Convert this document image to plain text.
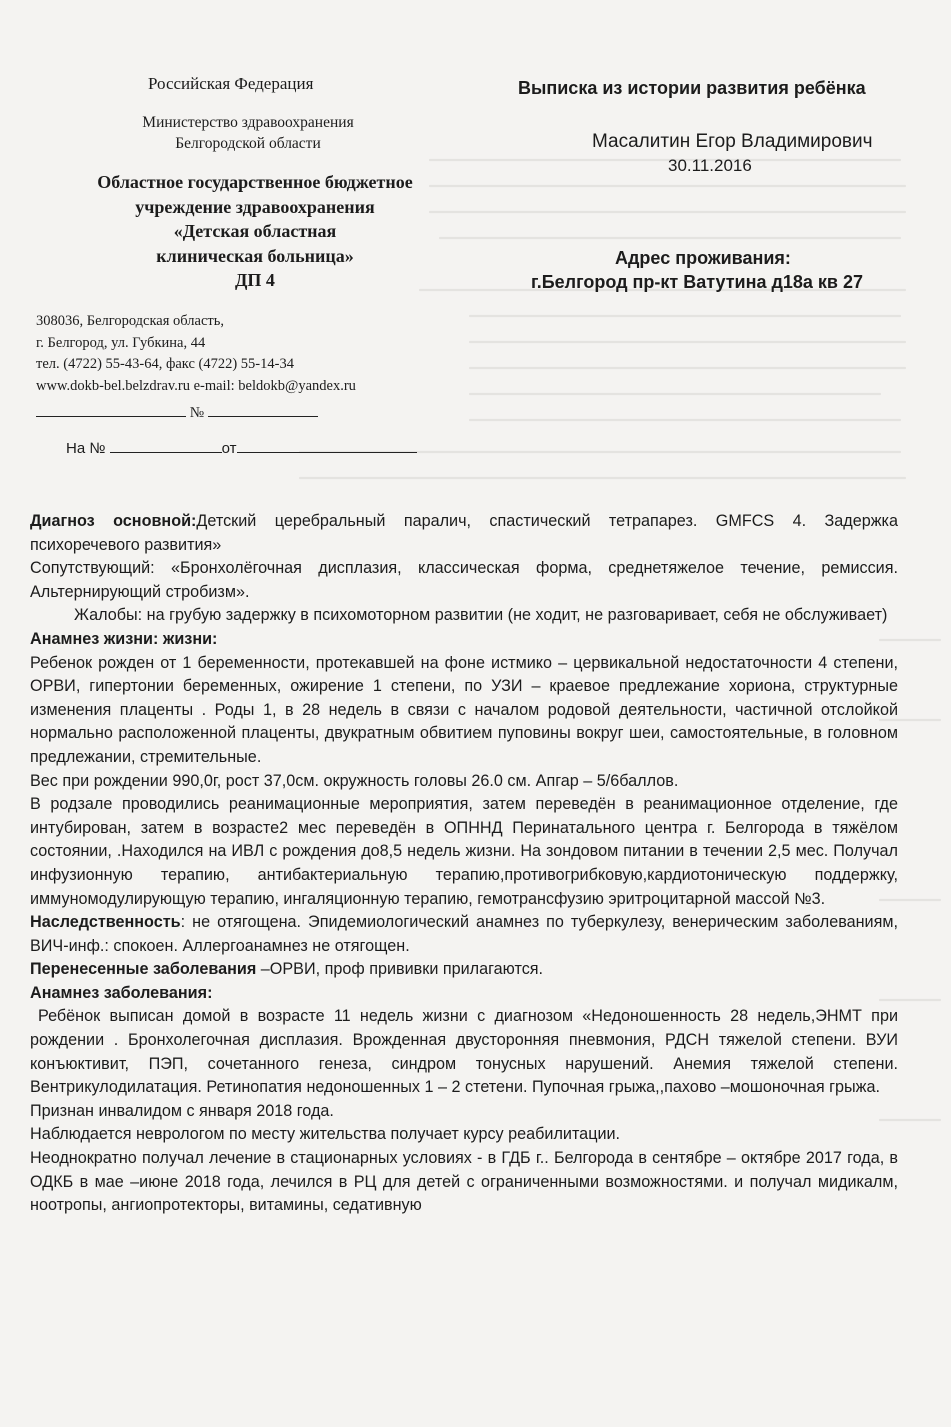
Российская Федерация
Министерство здравоохранения
Белгородской области
Областное государственное бюджетное
учреждение здравоохранения
«Детская областная
клиническая больница»
ДП 4
308036, Белгородская область,
г. Белгород, ул. Губкина, 44
тел. (4722) 55-43-64, факс (4722) 55-14-34
www.dokb-bel.belzdrav.ru e-mail: beldokb@yandex.ru
№
На №	от
Выписка из истории развития ребёнка
Масалитин Егор Владимирович
30.11.2016
Адрес проживания:
г.Белгород пр-кт Ватутина д18а кв 27

Диагноз основной:Детский церебральный паралич, спастический тетрапарез. GMFCS 4. Задержка психоречевого развития»

Сопутствующий: «Бронхолёгочная дисплазия, классическая форма, среднетяжелое течение, ремиссия. Альтернирующий стробизм».

Жалобы: на грубую задержку в психомоторном развитии (не ходит, не разговаривает, себя не обслуживает)

Анамнез жизни: жизни:

Ребенок рожден от 1 беременности, протекавшей на фоне истмико – цервикальной недостаточности 4 степени, ОРВИ, гипертонии беременных, ожирение 1 степени, по УЗИ – краевое предлежание хориона, структурные изменения плаценты . Роды 1, в 28 недель в связи с началом родовой деятельности, частичной отслойкой нормально расположенной плаценты, двукратным обвитием пуповины вокруг шеи, самостоятельные, в головном предлежании, стремительные.

Вес при рождении 990,0г, рост 37,0см. окружность головы 26.0 см. Апгар – 5/6баллов.

В родзале проводились реанимационные мероприятия, затем переведён в реанимационное отделение, где интубирован, затем в возрасте2 мес переведён в ОПННД Перинатального центра г. Белгорода в тяжёлом состоянии, .Находился на ИВЛ с рождения до8,5 недель жизни. На зондовом питании в течении 2,5 мес. Получал инфузионную терапию, антибактериальную терапию,противогрибковую,кардиотоническую поддержку, иммуномодулирующую терапию, ингаляционную терапию, гемотрансфузию эритроцитарной массой №3.

Наследственность: не отягощена. Эпидемиологический анамнез по туберкулезу, венерическим заболеваниям, ВИЧ-инф.: спокоен. Аллергоанамнез не отягощен.

Перенесенные заболевания –ОРВИ, проф прививки прилагаются.

Анамнез заболевания:

Ребёнок выписан домой в возрасте 11 недель жизни с диагнозом «Недоношенность 28 недель,ЭНМТ при рождении . Бронхолегочная дисплазия. Врожденная двусторонняя пневмония, РДСН тяжелой степени. ВУИ конъюктивит, ПЭП, сочетанного генеза, синдром тонусных нарушений. Анемия тяжелой степени. Вентрикулодилатация. Ретинопатия недоношенных 1 – 2 стетени. Пупочная грыжа,,пахово –мошоночная грыжа.

Признан инвалидом с января 2018 года.

Наблюдается неврологом по месту жительства получает курсу реабилитации.

Неоднократно получал лечение в стационарных условиях - в ГДБ г.. Белгорода в сентябре – октябре 2017 года, в ОДКБ в мае –июне 2018 года, лечился в РЦ для детей с ограниченными возможностями. и получал мидикалм, ноотропы, ангиопротекторы, витамины, седативную
